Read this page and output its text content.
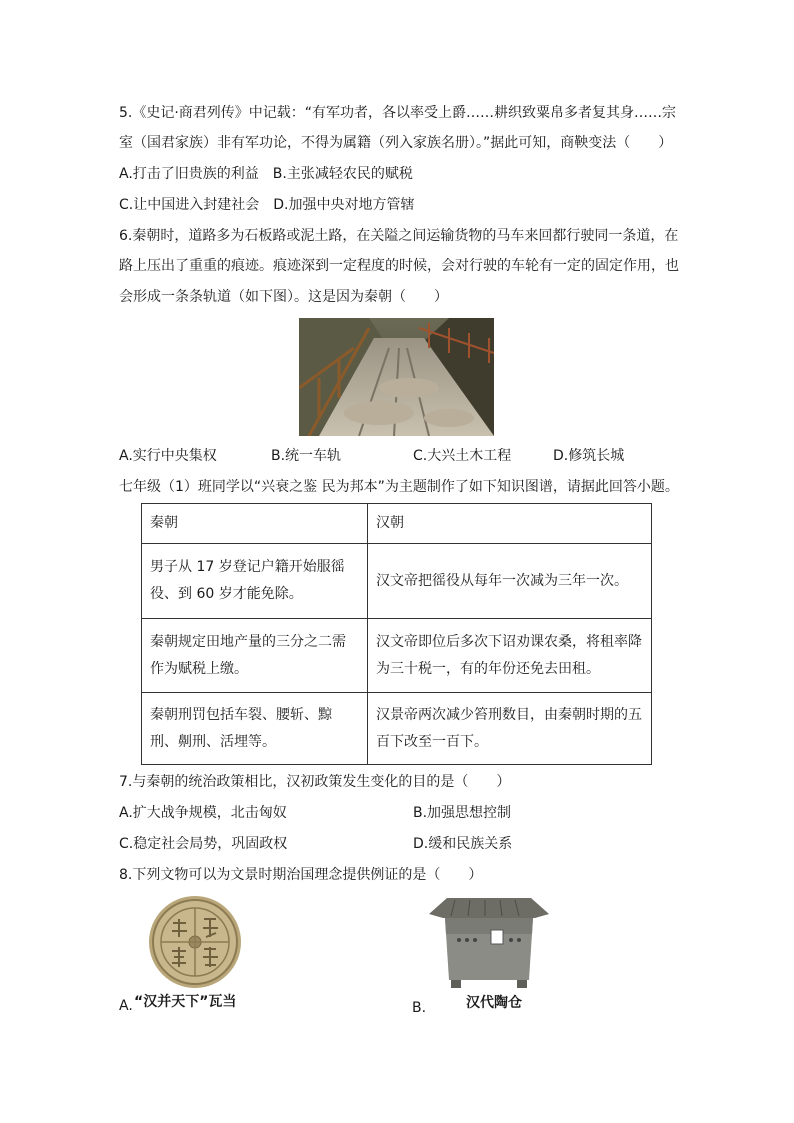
5.《史记·商君列传》中记载：“有军功者，各以率受上爵……耕织致粟帛多者复其身……宗
室（国君家族）非有军功论，不得为属籍（列入家族名册）。”据此可知，商鞅变法（　　）
A.打击了旧贵族的利益　B.主张减轻农民的赋税
C.让中国进入封建社会　D.加强中央对地方管辖
6.秦朝时，道路多为石板路或泥土路，在关隘之间运输货物的马车来回都行驶同一条道，在
路上压出了重重的痕迹。痕迹深到一定程度的时候，会对行驶的车轮有一定的固定作用，也
会形成一条条轨道（如下图）。这是因为秦朝（　　）
A.实行中央集权	B.统一车轨	C.大兴土木工程	D.修筑长城
七年级（1）班同学以“兴衰之鉴 民为邦本”为主题制作了如下知识图谱，请据此回答小题。
秦朝	汉朝
男子从 17 岁登记户籍开始服徭役、到 60 岁才能免除。	汉文帝把徭役从每年一次减为三年一次。
秦朝规定田地产量的三分之二需作为赋税上缴。	汉文帝即位后多次下诏劝课农桑，将租率降为三十税一，有的年份还免去田租。
秦朝刑罚包括车裂、腰斩、黥刑、劓刑、活埋等。	汉景帝两次减少笞刑数目，由秦朝时期的五百下改至一百下。
7.与秦朝的统治政策相比，汉初政策发生变化的目的是（　　）
A.扩大战争规模，北击匈奴	B.加强思想控制
C.稳定社会局势，巩固政权	D.缓和民族关系
8.下列文物可以为文景时期治国理念提供例证的是（　　）
A. “汉并天下”瓦当	B.	汉代陶仓
